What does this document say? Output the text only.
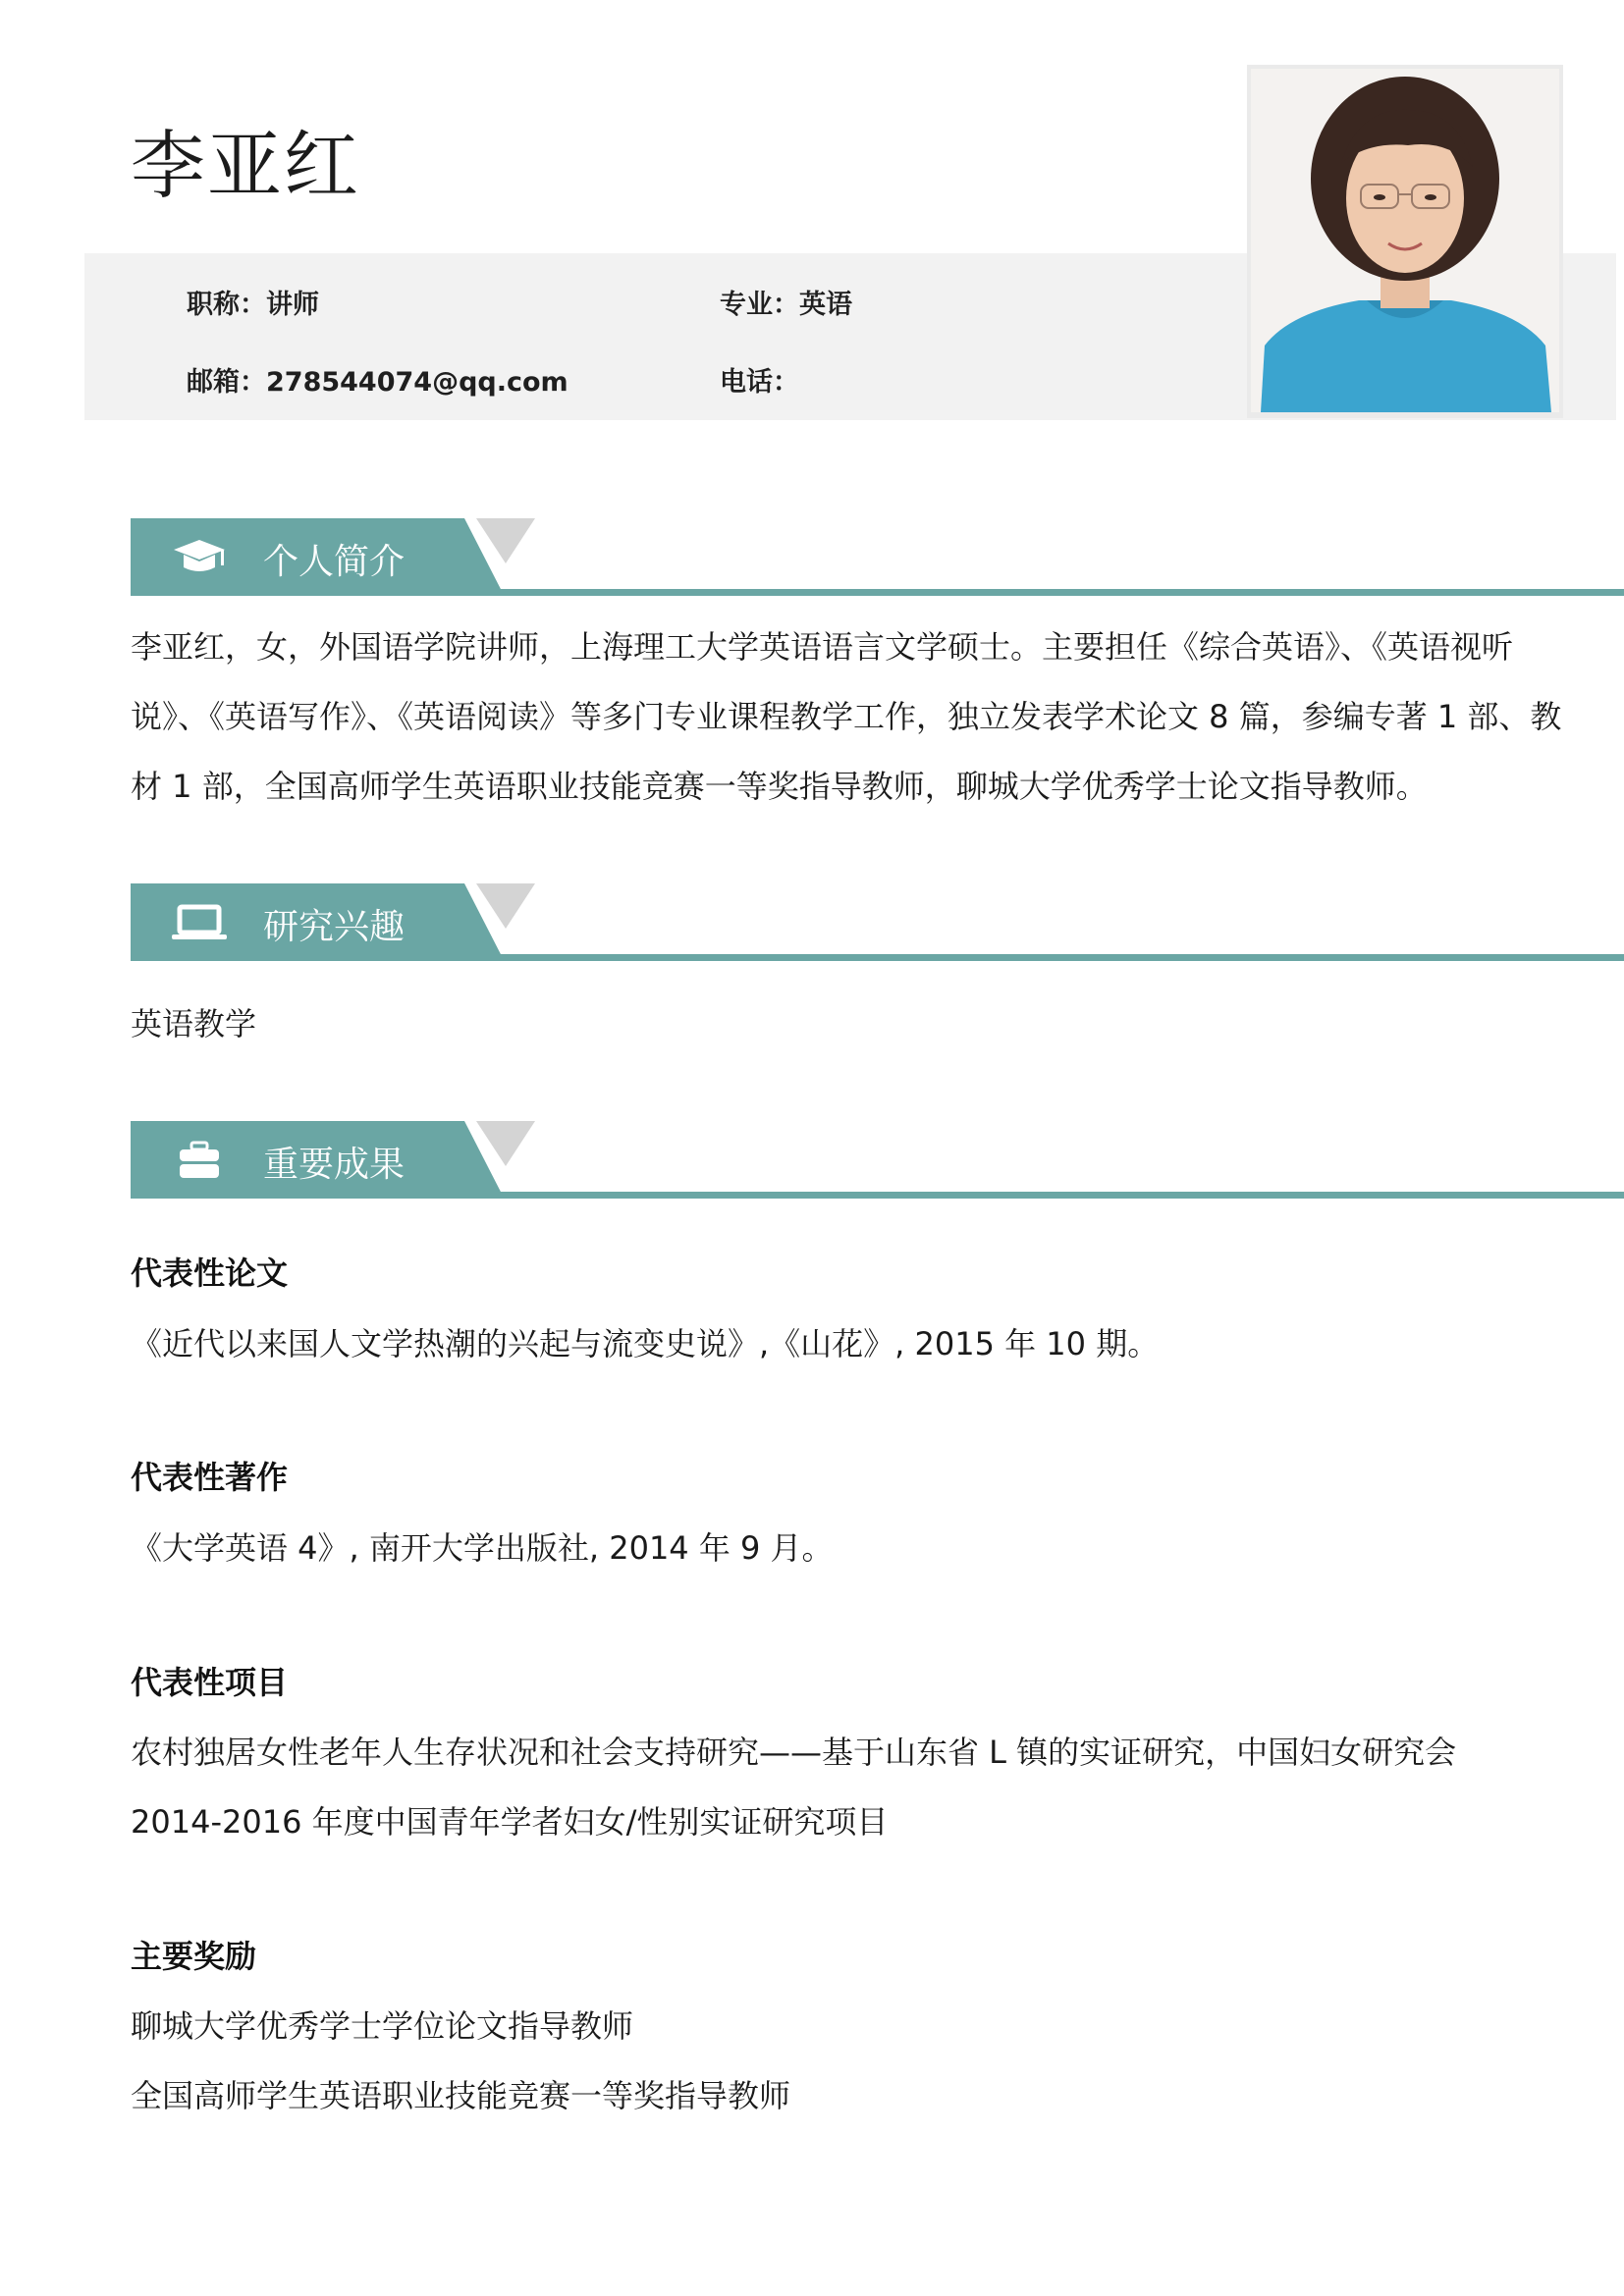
李亚红
职称：讲师	专业：英语
邮箱：278544074@qq.com	电话：
个人简介
李亚红，女，外国语学院讲师，上海理工大学英语语言文学硕士。主要担任《综合英语》、《英语视听说》、《英语写作》、《英语阅读》等多门专业课程教学工作，独立发表学术论文 8 篇，参编专著 1 部、教材 1 部，全国高师学生英语职业技能竞赛一等奖指导教师，聊城大学优秀学士论文指导教师。
研究兴趣
英语教学
重要成果
代表性论文
《近代以来国人文学热潮的兴起与流变史说》,《山花》, 2015 年 10 期。
代表性著作
《大学英语 4》, 南开大学出版社, 2014 年 9 月。
代表性项目
农村独居女性老年人生存状况和社会支持研究——基于山东省 L 镇的实证研究，中国妇女研究会
2014-2016 年度中国青年学者妇女/性别实证研究项目
主要奖励
聊城大学优秀学士学位论文指导教师
全国高师学生英语职业技能竞赛一等奖指导教师
